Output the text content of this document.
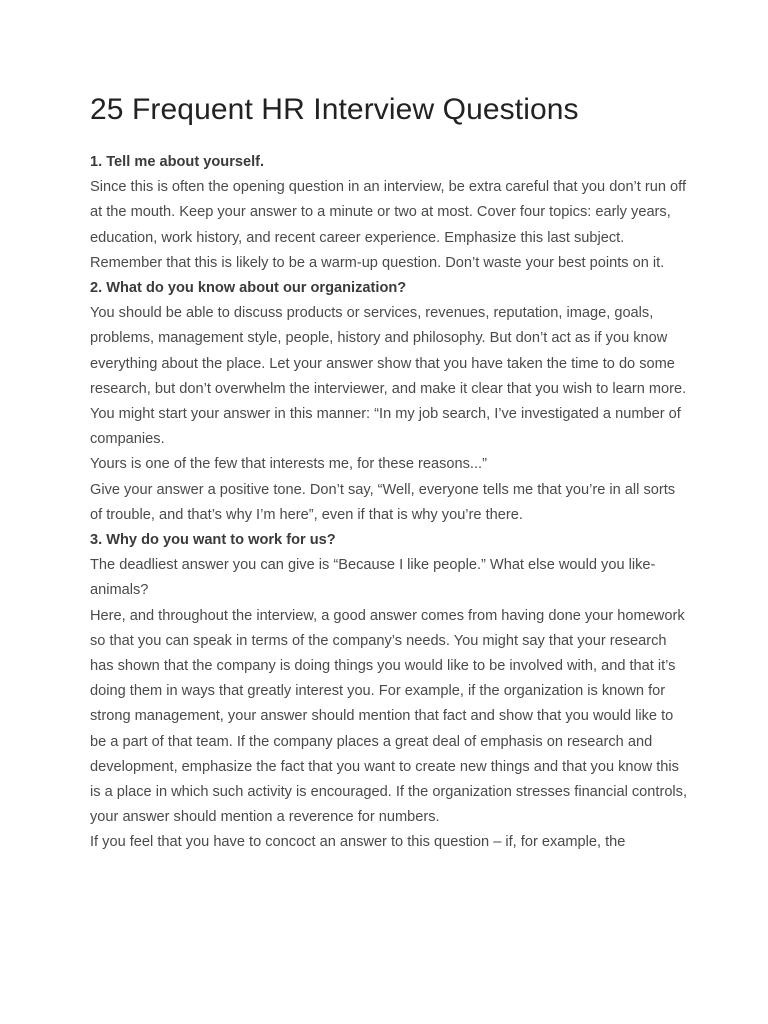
25 Frequent HR Interview Questions

1. Tell me about yourself.

Since this is often the opening question in an interview, be extra careful that you don’t run off at the mouth. Keep your answer to a minute or two at most. Cover four topics: early years, education, work history, and recent career experience. Emphasize this last subject. Remember that this is likely to be a warm-up question. Don’t waste your best points on it.

2. What do you know about our organization?

You should be able to discuss products or services, revenues, reputation, image, goals, problems, management style, people, history and philosophy. But don’t act as if you know everything about the place. Let your answer show that you have taken the time to do some research, but don’t overwhelm the interviewer, and make it clear that you wish to learn more.

You might start your answer in this manner: “In my job search, I’ve investigated a number of companies.

Yours is one of the few that interests me, for these reasons...”

Give your answer a positive tone. Don’t say, “Well, everyone tells me that you’re in all sorts of trouble, and that’s why I’m here”, even if that is why you’re there.

3. Why do you want to work for us?

The deadliest answer you can give is “Because I like people.” What else would you like-animals?

Here, and throughout the interview, a good answer comes from having done your homework so that you can speak in terms of the company’s needs. You might say that your research has shown that the company is doing things you would like to be involved with, and that it’s doing them in ways that greatly interest you. For example, if the organization is known for strong management, your answer should mention that fact and show that you would like to be a part of that team. If the company places a great deal of emphasis on research and development, emphasize the fact that you want to create new things and that you know this is a place in which such activity is encouraged. If the organization stresses financial controls, your answer should mention a reverence for numbers.

If you feel that you have to concoct an answer to this question – if, for example, the
